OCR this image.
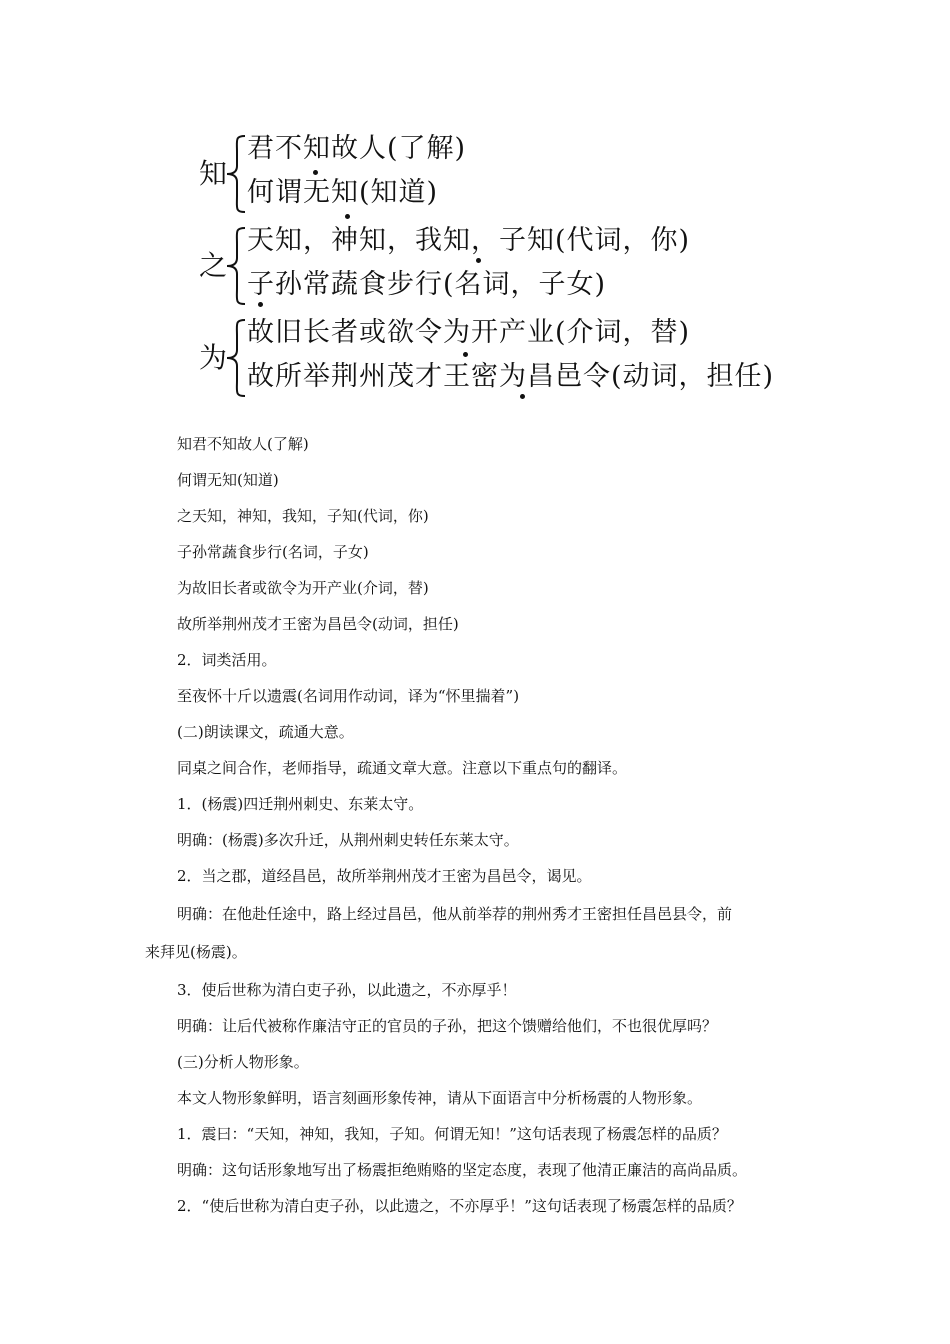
知
君不知故人(了解)
何谓无知(知道)
之
天知，神知，我知，子知(代词，你)
子孙常蔬食步行(名词，子女)
为
故旧长者或欲令为开产业(介词，替)
故所举荆州茂才王密为昌邑令(动词，担任)
知君不知故人(了解)
何谓无知(知道)
之天知，神知，我知，子知(代词，你)
子孙常蔬食步行(名词，子女)
为故旧长者或欲令为开产业(介词，替)
故所举荆州茂才王密为昌邑令(动词，担任)
2．词类活用。
至夜怀十斤以遗震(名词用作动词，译为“怀里揣着”)
(二)朗读课文，疏通大意。
同桌之间合作，老师指导，疏通文章大意。注意以下重点句的翻译。
1．(杨震)四迁荆州刺史、东莱太守。
明确：(杨震)多次升迁，从荆州刺史转任东莱太守。
2．当之郡，道经昌邑，故所举荆州茂才王密为昌邑令，谒见。
明确：在他赴任途中，路上经过昌邑，他从前举荐的荆州秀才王密担任昌邑县令，前
来拜见(杨震)。
3．使后世称为清白吏子孙，以此遗之，不亦厚乎！
明确：让后代被称作廉洁守正的官员的子孙，把这个馈赠给他们，不也很优厚吗？
(三)分析人物形象。
本文人物形象鲜明，语言刻画形象传神，请从下面语言中分析杨震的人物形象。
1．震曰：“天知，神知，我知，子知。何谓无知！”这句话表现了杨震怎样的品质？
明确：这句话形象地写出了杨震拒绝贿赂的坚定态度，表现了他清正廉洁的高尚品质。
2．“使后世称为清白吏子孙，以此遗之，不亦厚乎！”这句话表现了杨震怎样的品质？
